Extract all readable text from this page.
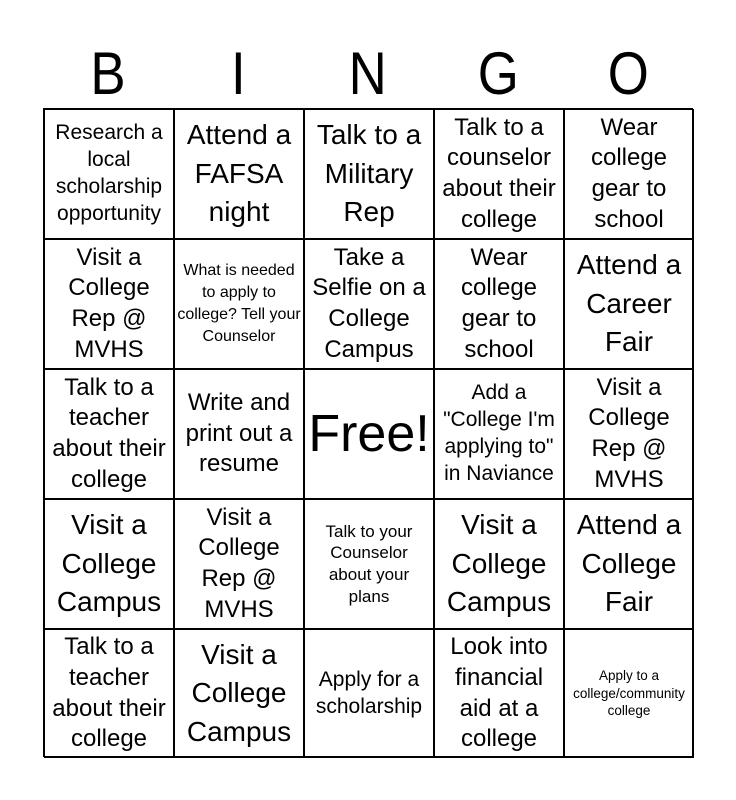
B I N G O
Research a local scholarship opportunity
Attend a FAFSA night
Talk to a Military Rep
Talk to a counselor about their college
Wear college gear to school
Visit a College Rep @ MVHS
What is needed to apply to college? Tell your Counselor
Take a Selfie on a College Campus
Wear college gear to school
Attend a Career Fair
Talk to a teacher about their college
Write and print out a resume
Free!
Add a "College I'm applying to" in Naviance
Visit a College Rep @ MVHS
Visit a College Campus
Visit a College Rep @ MVHS
Talk to your Counselor about your plans
Visit a College Campus
Attend a College Fair
Talk to a teacher about their college
Visit a College Campus
Apply for a scholarship
Look into financial aid at a college
Apply to a college/community college
